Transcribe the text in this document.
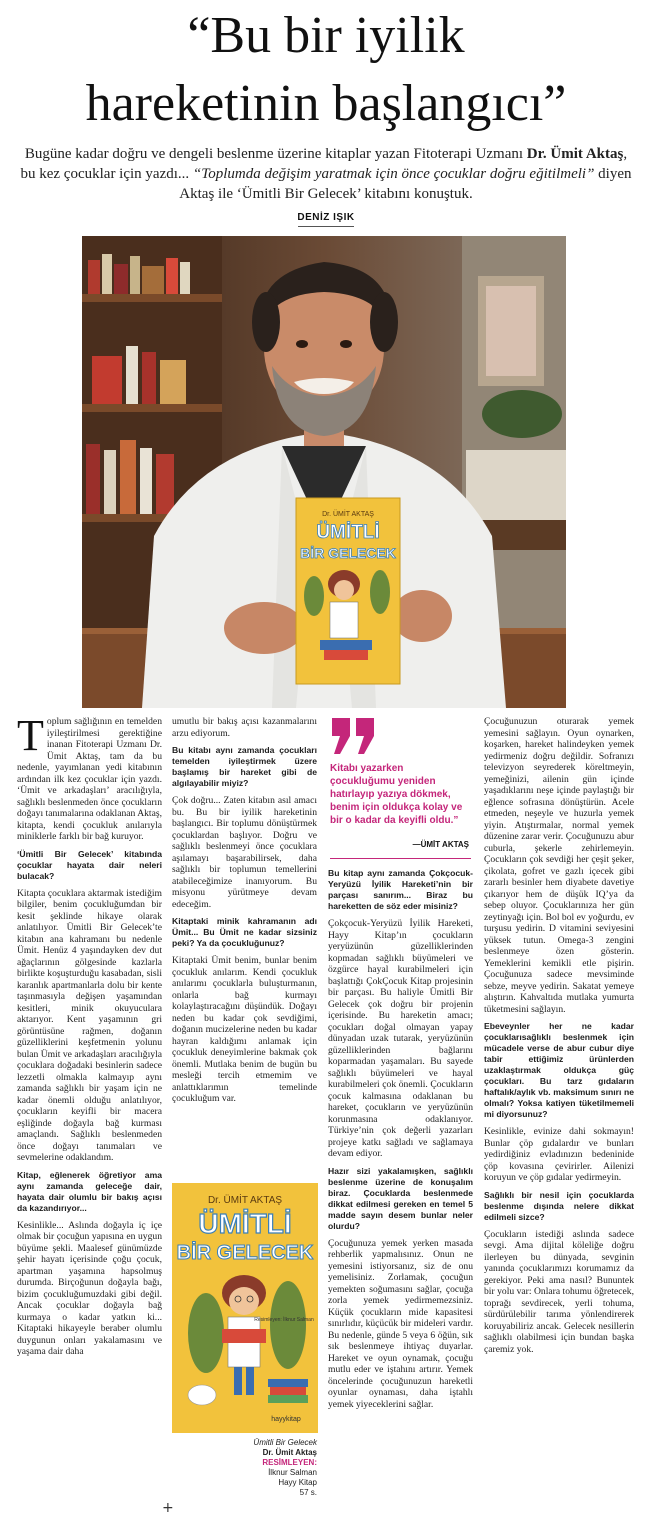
“Bu bir iyilik
hareketinin başlangıcı”
Bugüne kadar doğru ve dengeli beslenme üzerine kitaplar yazan Fitoterapi Uzmanı Dr. Ümit Aktaş, bu kez çocuklar için yazdı... “Toplumda değişim yaratmak için önce çocuklar doğru eğitilmeli” diyen Aktaş ile ‘Ümitli Bir Gelecek’ kitabını konuştuk.
DENİZ IŞIK
Dr. ÜMİT AKTAŞ
ÜMİTLİ
BİR GELECEK

Toplum sağlığının en temelden iyileştirilmesi gerektiğine inanan Fitoterapi Uzmanı Dr. Ümit Aktaş, tam da bu nedenle, yayımlanan yedi kitabının ardından ilk kez çocuklar için yazdı. ‘Ümit ve arkadaşları’ aracılığıyla, sağlıklı beslenmeden önce çocukların doğayı tanımalarına odaklanan Aktaş, kitapta, kendi çocukluk anılarıyla miniklerle farklı bir bağ kuruyor.

‘Ümitli Bir Gelecek’ kitabında çocuklar hayata dair neleri bulacak?

Kitapta çocuklara aktarmak istediğim bilgiler, benim çocukluğumdan bir kesit şeklinde hikaye olarak anlatılıyor. Ümitli Bir Gelecek’te kitabın ana kahramanı bu nedenle Ümit. Henüz 4 yaşındayken dev dut ağaçlarının gölgesinde kazlarla birlikte koşuşturduğu kasabadan, sisli karanlık apartmanlarla dolu bir kente taşınmasıyla değişen yaşamından kesitleri, minik okuyuculara aktarıyor. Kent yaşamının gri görüntüsüne rağmen, doğanın güzelliklerini keşfetmenin yolunu bulan Ümit ve arkadaşları aracılığıyla çocuklara doğadaki besinlerin sadece lezzetli olmakla kalmayıp aynı zamanda sağlıklı bir yaşam için ne kadar önemli olduğu anlatılıyor, çocukların keyifli bir macera eşliğinde doğayla bağ kurması amaçlandı. Sağlıklı beslenmeden önce doğayı tanımaları ve sevmelerine odaklandım.

Kitap, eğlenerek öğretiyor ama aynı zamanda geleceğe dair, hayata dair olumlu bir bakış açısı da kazandırıyor...

Kesinlikle... Aslında doğayla iç içe olmak bir çocuğun yapısına en uygun büyüme şekli. Maalesef günümüzde şehir hayatı içerisinde çoğu çocuk, apartman yaşamına hapsolmuş durumda. Birçoğunun doğayla bağı, bizim çocukluğumuzdaki gibi değil. Ancak çocuklar doğayla bağ kurmaya o kadar yatkın ki... Kitaptaki hikayeyle beraber olumlu duygunun onları yakalamasını ve yaşama dair daha

umutlu bir bakış açısı kazanmalarını arzu ediyorum.

Bu kitabı aynı zamanda çocukları temelden iyileştirmek üzere başlamış bir hareket gibi de algılayabilir miyiz?

Çok doğru... Zaten kitabın asıl amacı bu. Bu bir iyilik hareketinin başlangıcı. Bir toplumu dönüştürmek çocuklardan başlıyor. Doğru ve sağlıklı beslenmeyi önce çocuklara aşılamayı başarabilirsek, daha sağlıklı bir toplumun temellerini atabileceğimize inanıyorum. Bu misyonu yürütmeye devam edeceğim.

Kitaptaki minik kahramanın adı Ümit... Bu Ümit ne kadar sizsiniz peki? Ya da çocukluğunuz?

Kitaptaki Ümit benim, bunlar benim çocukluk anılarım. Kendi çocukluk anılarımı çocuklarla buluşturmanın, onlarla bağ kurmayı kolaylaştıracağını düşündük. Doğayı neden bu kadar çok sevdiğimi, doğanın mucizelerine neden bu kadar hayran kaldığımı anlamak için çocukluk deneyimlerine bakmak çok önemli. Mutlaka benim de bugün bu mesleği tercih etmemim ve anlattıklarımın temelinde çocukluğum var.

Dr. ÜMİT AKTAŞ
ÜMİTLİ
BİR GELECEK
Resimleyen: İlknur Salman
hayykitap
Ümitli Bir Gelecek
Dr. Ümit Aktaş
RESİMLEYEN:
İlknur Salman
Hayy Kitap
57 s.
Kitabı yazarken çocukluğumu yeniden hatırlayıp yazıya dökmek, benim için oldukça kolay ve bir o kadar da keyifli oldu.”
—ÜMİT AKTAŞ

Bu kitap aynı zamanda Çokçocuk-Yeryüzü İyilik Hareketi’nin bir parçası sanırım... Biraz bu hareketten de söz eder misiniz?

Çokçocuk-Yeryüzü İyilik Hareketi, Hayy Kitap’ın çocukların yeryüzünün güzelliklerinden kopmadan sağlıklı büyümeleri ve özgürce hayal kurabilmeleri için başlattığı ÇokÇocuk Kitap projesinin bir parçası. Bu haliyle Ümitli Bir Gelecek çok doğru bir projenin içerisinde. Bu hareketin amacı; çocukları doğal olmayan yapay dünyadan uzak tutarak, yeryüzünün güzelliklerinden bağlarını koparmadan yaşamaları. Bu sayede sağlıklı büyümeleri ve hayal kurabilmeleri çok önemli. Çocukların çocuk kalmasına odaklanan bu hareket, çocukların ve yeryüzünün korunmasına odaklanıyor. Türkiye’nin çok değerli yazarları projeye katkı sağladı ve sağlamaya devam ediyor.

Hazır sizi yakalamışken, sağlıklı beslenme üzerine de konuşalım biraz. Çocuklarda beslenmede dikkat edilmesi gereken en temel 5 madde sayın desem bunlar neler olurdu?

Çocuğunuza yemek yerken masada rehberlik yapmalısınız. Onun ne yemesini istiyorsanız, siz de onu yemelisiniz. Zorlamak, çocuğun yemekten soğumasını sağlar, çocuğa zorla yemek yedirmemezsiniz. Küçük çocukların mide kapasitesi sınırlıdır, küçücük bir mideleri vardır. Bu nedenle, günde 5 veya 6 öğün, sık sık beslenmeye ihtiyaç duyarlar. Hareket ve oyun oynamak, çocuğu mutlu eder ve iştahını artırır. Yemek öncelerinde çocuğunuzun hareketli oyunlar oynaması, daha iştahlı yemek yiyeceklerini sağlar.

Çocuğunuzun oturarak yemek yemesini sağlayın. Oyun oynarken, koşarken, hareket halindeyken yemek yedirmeniz doğru değildir. Sofranızı televizyon seyrederek köreltmeyin, yemeğinizi, ailenin gün içinde yaşadıklarını neşe içinde paylaştığı bir eğlence sofrasına dönüştürün. Acele etmeden, neşeyle ve huzurla yemek yiyin. Atıştırmalar, normal yemek düzenine zarar verir. Çocuğunuzu abur cuburla, şekerle zehirlemeyin. Çocukların çok sevdiği her çeşit şeker, çikolata, gofret ve gazlı içecek gibi zararlı besinler hem diyabete davetiye çıkarıyor hem de düşük IQ’ya da sebep oluyor. Çocuklarınıza her gün zeytinyağı için. Bol bol ev yoğurdu, ev turşusu yedirin. D vitamini seviyesini yüksek tutun. Omega-3 zengini beslenmeye özen gösterin. Yemeklerini kemikli etle pişirin. Çocuğunuza sadece mevsiminde sebze, meyve yedirin. Sakatat yemeye alıştırın. Kahvaltıda mutlaka yumurta tüketmesini sağlayın.

Ebeveynler her ne kadar çocuklarısağlıklı beslenmek için mücadele verse de abur cubur diye tabir ettiğimiz ürünlerden uzaklaştırmak oldukça güç çocukları. Bu tarz gıdaların haftalık/aylık vb. maksimum sınırı ne olmalı? Yoksa katiyen tüketilmemeli mi diyorsunuz?

Kesinlikle, evinize dahi sokmayın! Bunlar çöp gıdalardır ve bunları yedirdiğiniz evladınızın bedeninide çöp kovasına çevirirler. Ailenizi koruyun ve çöp gıdalar yedirmeyin.

Sağlıklı bir nesil için çocuklarda beslenme dışında nelere dikkat edilmeli sizce?

Çocukların istediği aslında sadece sevgi. Ama dijital köleliğe doğru ilerleyen bu dünyada, sevginin yanında çocuklarımızı korumamız da gerekiyor. Peki ama nasıl? Bununtek bir yolu var: Onlara tohumu öğretecek, toprağı sevdirecek, yerli tohuma, sürdürülebilir tarıma yönlendirerek koruyabiliriz ancak. Gelecek nesillerin sağlıklı olabilmesi için bundan başka çaremiz yok.

+
